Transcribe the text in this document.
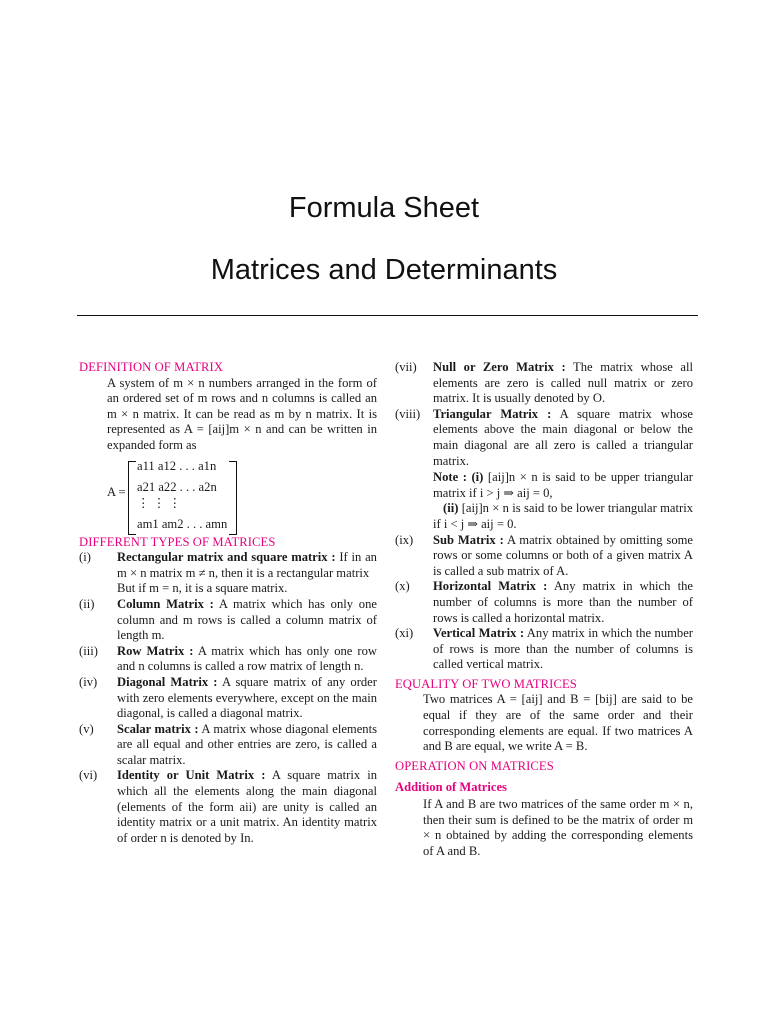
Formula Sheet
Matrices and Determinants
DEFINITION OF MATRIX

A system of m × n numbers arranged in the form of an ordered set of m rows and n columns is called an m × n matrix. It can be read as m by n matrix. It is represented as A = [aij]m × n and can be written in expanded form as

A =
a11 a12 . . . a1n
a21 a22 . . . a2n
⋮ ⋮ ⋮
am1 am2 . . . amn
DIFFERENT TYPES OF MATRICES
(i) Rectangular matrix and square matrix : If in an m × n matrix m ≠ n, then it is a rectangular matrix
But if m = n, it is a square matrix.
(ii) Column Matrix : A matrix which has only one column and m rows is called a column matrix of length m.
(iii) Row Matrix : A matrix which has only one row and n columns is called a row matrix of length n.
(iv) Diagonal Matrix : A square matrix of any order with zero elements everywhere, except on the main diagonal, is called a diagonal matrix.
(v) Scalar matrix : A matrix whose diagonal elements are all equal and other entries are zero, is called a scalar matrix.
(vi) Identity or Unit Matrix : A square matrix in which all the elements along the main diagonal (elements of the form aii) are unity is called an identity matrix or a unit matrix. An identity matrix of order n is denoted by In.
(vii) Null or Zero Matrix : The matrix whose all elements are zero is called null matrix or zero matrix. It is usually denoted by O.
(viii) Triangular Matrix : A square matrix whose elements above the main diagonal or below the main diagonal are all zero is called a triangular matrix.
Note : (i) [aij]n × n is said to be upper triangular matrix if i > j ⇒ aij = 0,
(ii) [aij]n × n is said to be lower triangular matrix if i < j ⇒ aij = 0.
(ix) Sub Matrix : A matrix obtained by omitting some rows or some columns or both of a given matrix A is called a sub matrix of A.
(x) Horizontal Matrix : Any matrix in which the number of columns is more than the number of rows is called a horizontal matrix.
(xi) Vertical Matrix : Any matrix in which the number of rows is more than the number of columns is called vertical matrix.
EQUALITY OF TWO MATRICES

Two matrices A = [aij] and B = [bij] are said to be equal if they are of the same order and their corresponding elements are equal. If two matrices A and B are equal, we write A = B.

OPERATION ON MATRICES
Addition of Matrices

If A and B are two matrices of the same order m × n, then their sum is defined to be the matrix of order m × n obtained by adding the corresponding elements of A and B.
